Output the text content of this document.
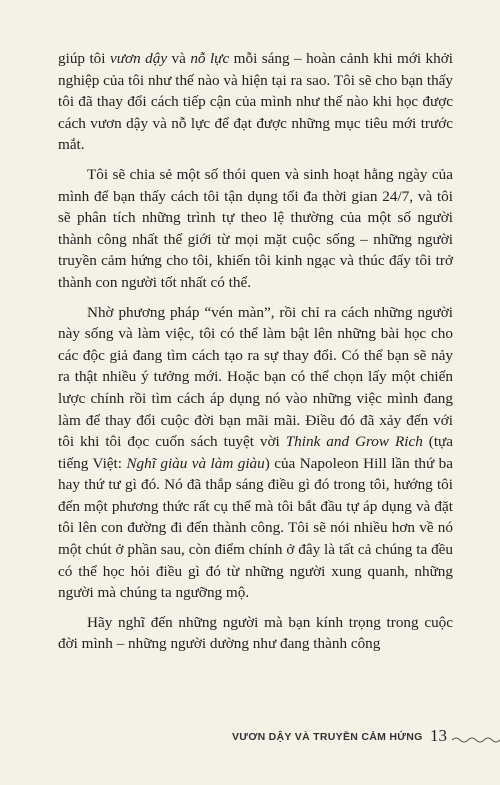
giúp tôi vươn dậy và nỗ lực mỗi sáng – hoàn cảnh khi mới khởi nghiệp của tôi như thế nào và hiện tại ra sao. Tôi sẽ cho bạn thấy tôi đã thay đổi cách tiếp cận của mình như thế nào khi học được cách vươn dậy và nỗ lực để đạt được những mục tiêu mới trước mắt.

Tôi sẽ chia sẻ một số thói quen và sinh hoạt hằng ngày của mình để bạn thấy cách tôi tận dụng tối đa thời gian 24/7, và tôi sẽ phân tích những trình tự theo lệ thường của một số người thành công nhất thế giới từ mọi mặt cuộc sống – những người truyền cảm hứng cho tôi, khiến tôi kinh ngạc và thúc đẩy tôi trở thành con người tốt nhất có thể.

Nhờ phương pháp “vén màn”, rồi chỉ ra cách những người này sống và làm việc, tôi có thể làm bật lên những bài học cho các độc giả đang tìm cách tạo ra sự thay đổi. Có thể bạn sẽ nảy ra thật nhiều ý tưởng mới. Hoặc bạn có thể chọn lấy một chiến lược chính rồi tìm cách áp dụng nó vào những việc mình đang làm để thay đổi cuộc đời bạn mãi mãi. Điều đó đã xảy đến với tôi khi tôi đọc cuốn sách tuyệt vời Think and Grow Rich (tựa tiếng Việt: Nghĩ giàu và làm giàu) của Napoleon Hill lần thứ ba hay thứ tư gì đó. Nó đã thắp sáng điều gì đó trong tôi, hướng tôi đến một phương thức rất cụ thể mà tôi bắt đầu tự áp dụng và đặt tôi lên con đường đi đến thành công. Tôi sẽ nói nhiều hơn về nó một chút ở phần sau, còn điểm chính ở đây là tất cả chúng ta đều có thể học hỏi điều gì đó từ những người xung quanh, những người mà chúng ta ngưỡng mộ.

Hãy nghĩ đến những người mà bạn kính trọng trong cuộc đời mình – những người dường như đang thành công

VƯƠN DẬY VÀ TRUYỀN CẢM HỨNG 13
